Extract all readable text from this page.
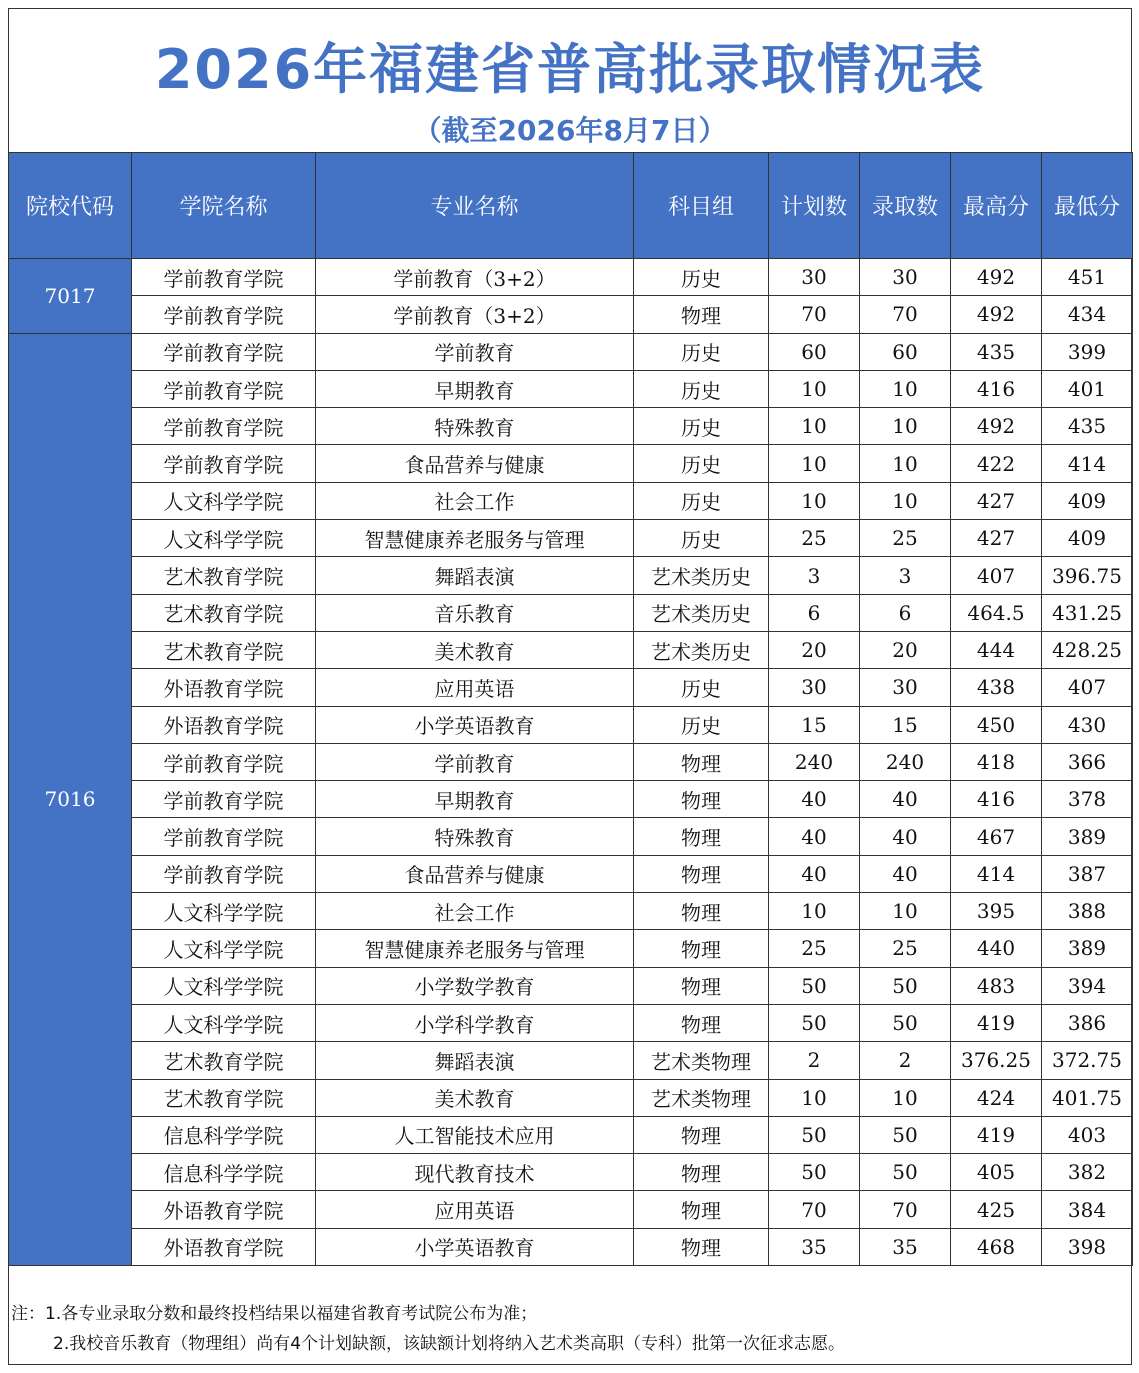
2026年福建省普高批录取情况表
（截至2026年8月7日）
院校代码	学院名称	专业名称	科目组	计划数	录取数	最高分	最低分
7017	学前教育学院	学前教育（3+2）	历史	30	30	492	451
	学前教育学院	学前教育（3+2）	物理	70	70	492	434
7016	学前教育学院	学前教育	历史	60	60	435	399
	学前教育学院	早期教育	历史	10	10	416	401
	学前教育学院	特殊教育	历史	10	10	492	435
	学前教育学院	食品营养与健康	历史	10	10	422	414
	人文科学学院	社会工作	历史	10	10	427	409
	人文科学学院	智慧健康养老服务与管理	历史	25	25	427	409
	艺术教育学院	舞蹈表演	艺术类历史	3	3	407	396.75
	艺术教育学院	音乐教育	艺术类历史	6	6	464.5	431.25
	艺术教育学院	美术教育	艺术类历史	20	20	444	428.25
	外语教育学院	应用英语	历史	30	30	438	407
	外语教育学院	小学英语教育	历史	15	15	450	430
	学前教育学院	学前教育	物理	240	240	418	366
	学前教育学院	早期教育	物理	40	40	416	378
	学前教育学院	特殊教育	物理	40	40	467	389
	学前教育学院	食品营养与健康	物理	40	40	414	387
	人文科学学院	社会工作	物理	10	10	395	388
	人文科学学院	智慧健康养老服务与管理	物理	25	25	440	389
	人文科学学院	小学数学教育	物理	50	50	483	394
	人文科学学院	小学科学教育	物理	50	50	419	386
	艺术教育学院	舞蹈表演	艺术类物理	2	2	376.25	372.75
	艺术教育学院	美术教育	艺术类物理	10	10	424	401.75
	信息科学学院	人工智能技术应用	物理	50	50	419	403
	信息科学学院	现代教育技术	物理	50	50	405	382
	外语教育学院	应用英语	物理	70	70	425	384
	外语教育学院	小学英语教育	物理	35	35	468	398
注：1.各专业录取分数和最终投档结果以福建省教育考试院公布为准；
2.我校音乐教育（物理组）尚有4个计划缺额，该缺额计划将纳入艺术类高职（专科）批第一次征求志愿。
